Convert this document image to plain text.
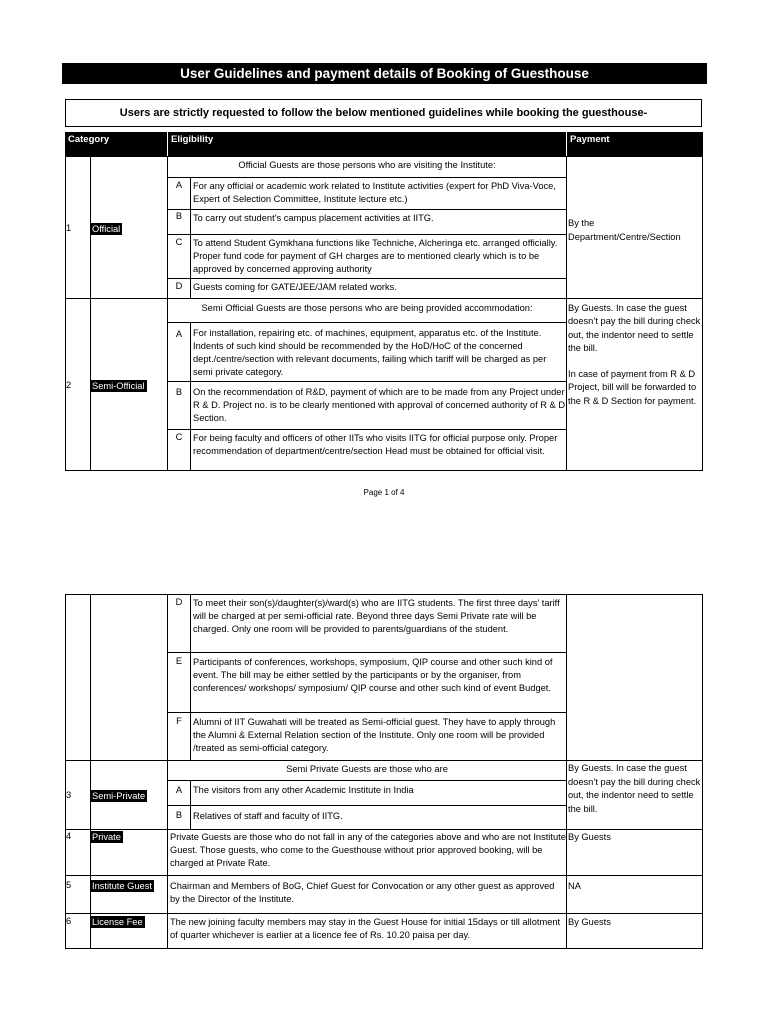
User Guidelines and payment details of Booking of Guesthouse
Users are strictly requested to follow the below mentioned guidelines while booking the guesthouse-
Category	Eligibility	Payment
1 Official
Official Guests are those persons who are visiting the Institute:
A	For any official or academic work related to Institute activities (expert for PhD Viva-Voce, Expert of Selection Committee, Institute lecture etc.)
B	To carry out student’s campus placement activities at IITG.
C	To attend Student Gymkhana functions like Techniche, Alcheringa etc. arranged officially. Proper fund code for payment of GH charges are to mentioned clearly which is to be approved by concerned approving authority
D	Guests coming for GATE/JEE/JAM related works.
By the Department/Centre/Section
2 Semi-Official
Semi Official Guests are those persons who are being provided accommodation:
A	For installation, repairing etc. of machines, equipment, apparatus etc. of the Institute. Indents of such kind should be recommended by the HoD/HoC of the concerned dept./centre/section with relevant documents, failing which tariff will be charged as per semi private category.
B	On the recommendation of R&D, payment of which are to be made from any Project under R & D. Project no. is to be clearly mentioned with approval of concerned authority of R & D Section.
C	For being faculty and officers of other IITs who visits IITG for official purpose only. Proper recommendation of department/centre/section Head must be obtained for official visit.
By Guests. In case the guest doesn’t pay the bill during check out, the indentor need to settle the bill.
In case of payment from R & D Project, bill will be forwarded to the R & D Section for payment.
Page 1 of 4
D	To meet their son(s)/daughter(s)/ward(s) who are IITG students. The first three days’ tariff will be charged at per semi-official rate. Beyond three days Semi Private rate will be charged. Only one room will be provided to parents/guardians of the student.
E	Participants of conferences, workshops, symposium, QIP course and other such kind of event. The bill may be either settled by the participants or by the organiser, from conferences/ workshops/ symposium/ QIP course and other such kind of event Budget.
F	Alumni of IIT Guwahati will be treated as Semi-official guest. They have to apply through the Alumni & External Relation section of the Institute. Only one room will be provided /treated as semi-official category.
3 Semi-Private
Semi Private Guests are those who are
A	The visitors from any other Academic Institute in India
B	Relatives of staff and faculty of IITG.
By Guests. In case the guest doesn’t pay the bill during check out, the indentor need to settle the bill.
4 Private	Private Guests are those who do not fall in any of the categories above and who are not Institute Guest. Those guests, who come to the Guesthouse without prior approved booking, will be charged at Private Rate.
By Guests
5 Institute Guest	Chairman and Members of BoG, Chief Guest for Convocation or any other guest as approved by the Director of the Institute.
NA
6 License Fee	The new joining faculty members may stay in the Guest House for initial 15days or till allotment of quarter whichever is earlier at a licence fee of Rs. 10.20 paisa per day.
By Guests
